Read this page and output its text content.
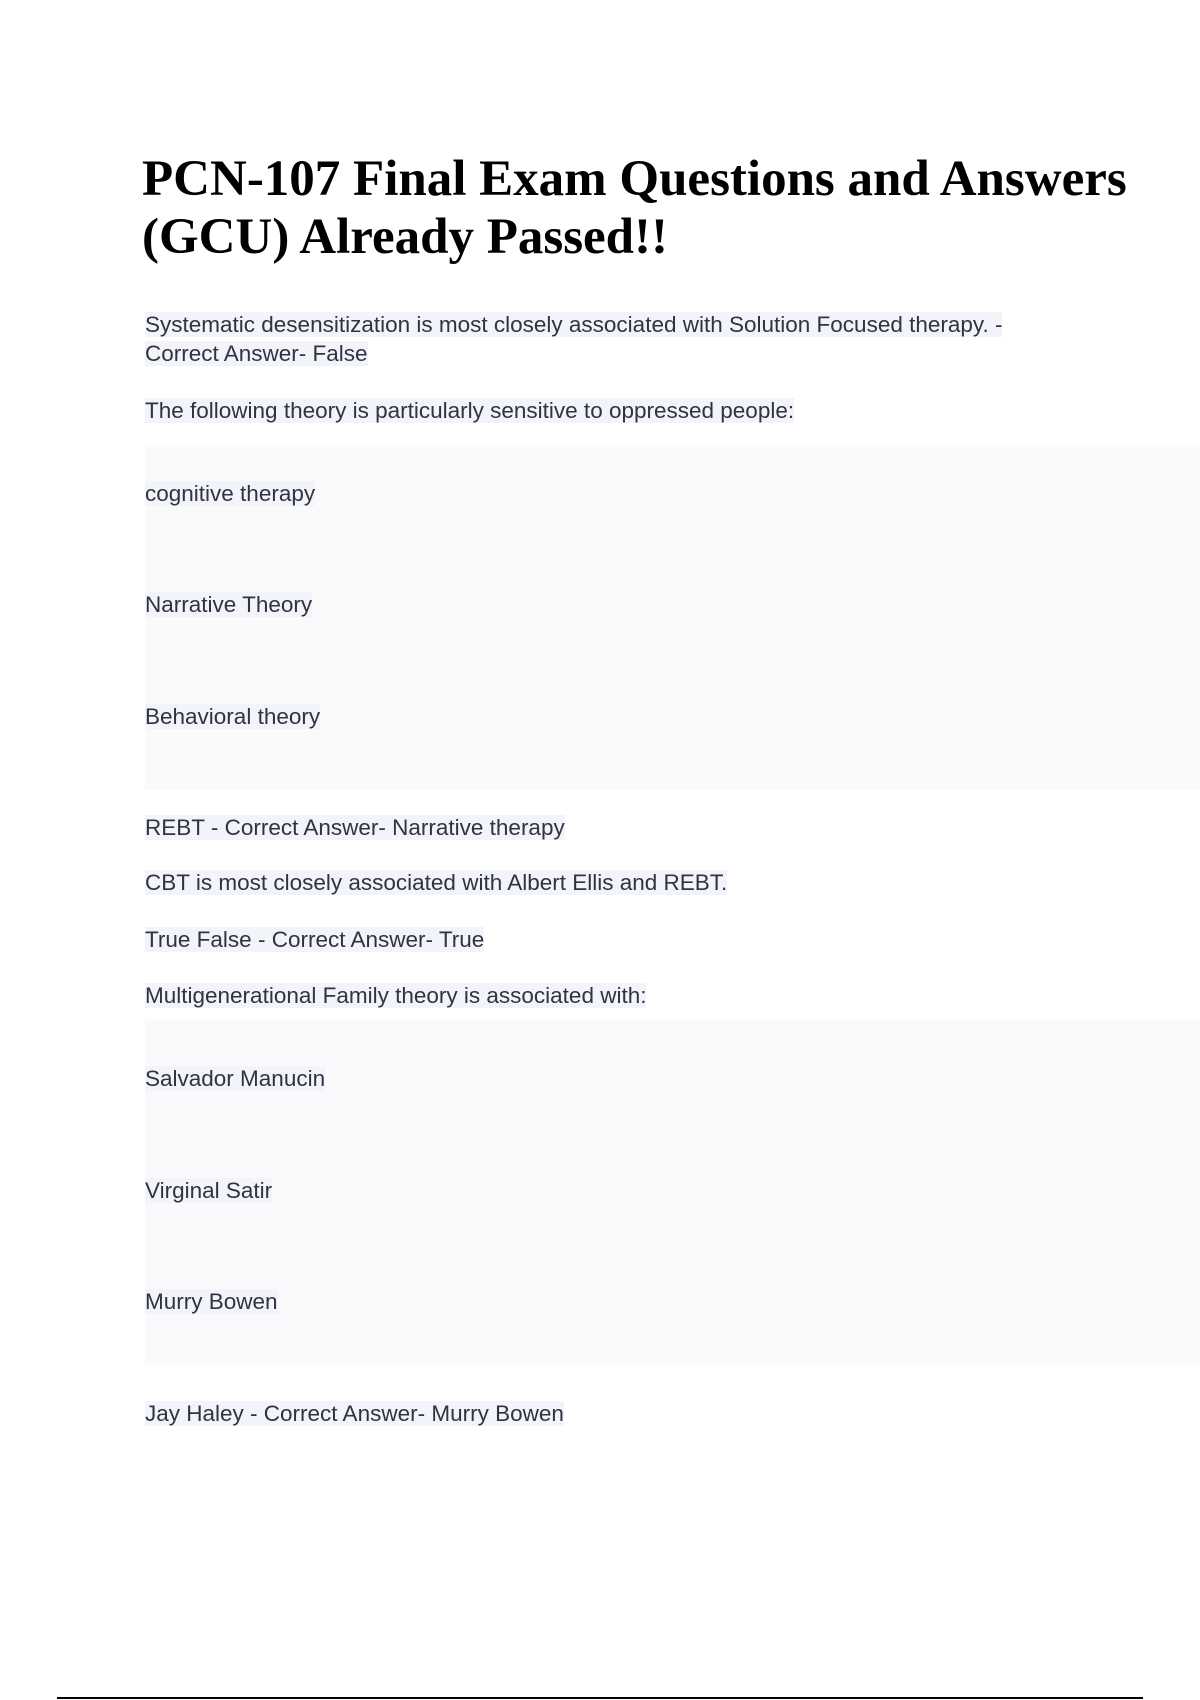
PCN-107 Final Exam Questions and Answers
(GCU) Already Passed!!

Systematic desensitization is most closely associated with Solution Focused therapy. -

Correct Answer- False

The following theory is particularly sensitive to oppressed people:

cognitive therapy

Narrative Theory

Behavioral theory

REBT - Correct Answer- Narrative therapy

CBT is most closely associated with Albert Ellis and REBT.

True False - Correct Answer- True

Multigenerational Family theory is associated with:

Salvador Manucin

Virginal Satir

Murry Bowen

Jay Haley - Correct Answer- Murry Bowen
